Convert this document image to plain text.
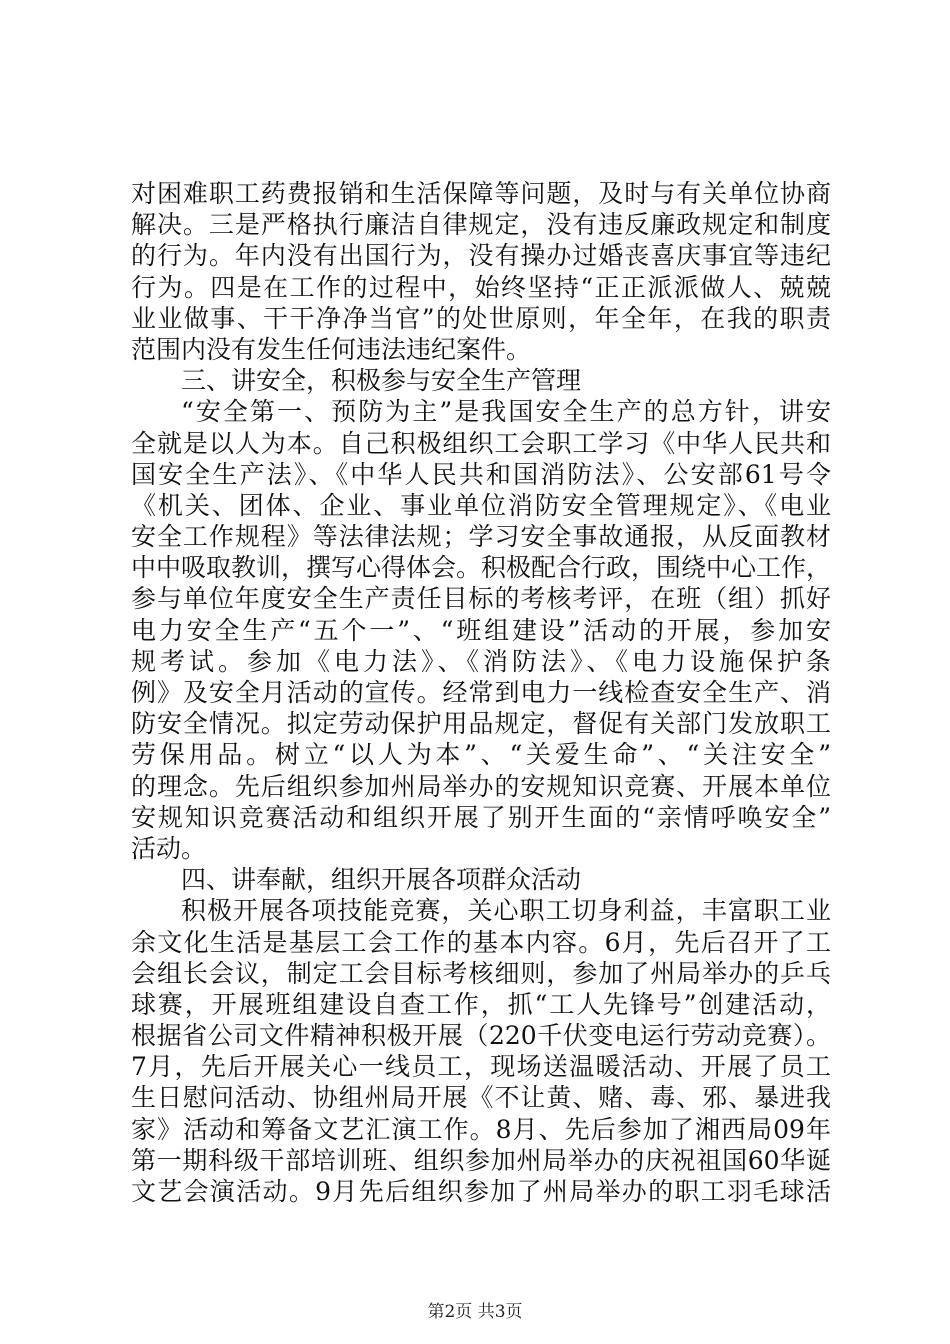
对困难职工药费报销和生活保障等问题，及时与有关单位协商
解决。三是严格执行廉洁自律规定，没有违反廉政规定和制度
的行为。年内没有出国行为，没有操办过婚丧喜庆事宜等违纪
行为。四是在工作的过程中，始终坚持“正正派派做人、兢兢
业业做事、干干净净当官”的处世原则，年全年，在我的职责
范围内没有发生任何违法违纪案件。
三、讲安全，积极参与安全生产管理
“安全第一、预防为主”是我国安全生产的总方针，讲安
全就是以人为本。自己积极组织工会职工学习《中华人民共和
国安全生产法》、《中华人民共和国消防法》、公安部61号令
《机关、团体、企业、事业单位消防安全管理规定》、《电业
安全工作规程》等法律法规；学习安全事故通报，从反面教材
中中吸取教训，撰写心得体会。积极配合行政，围绕中心工作，
参与单位年度安全生产责任目标的考核考评，在班（组）抓好
电力安全生产“五个一”、“班组建设”活动的开展，参加安
规考试。参加《电力法》、《消防法》、《电力设施保护条
例》及安全月活动的宣传。经常到电力一线检查安全生产、消
防安全情况。拟定劳动保护用品规定，督促有关部门发放职工
劳保用品。树立“以人为本”、“关爱生命”、“关注安全”
的理念。先后组织参加州局举办的安规知识竞赛、开展本单位
安规知识竞赛活动和组织开展了别开生面的“亲情呼唤安全”
活动。
四、讲奉献，组织开展各项群众活动
积极开展各项技能竞赛，关心职工切身利益，丰富职工业
余文化生活是基层工会工作的基本内容。6月，先后召开了工
会组长会议，制定工会目标考核细则，参加了州局举办的乒乓
球赛，开展班组建设自查工作，抓“工人先锋号”创建活动，
根据省公司文件精神积极开展（220千伏变电运行劳动竞赛）。
7月，先后开展关心一线员工，现场送温暖活动、开展了员工
生日慰问活动、协组州局开展《不让黄、赌、毒、邪、暴进我
家》活动和筹备文艺汇演工作。8月、先后参加了湘西局09年
第一期科级干部培训班、组织参加州局举办的庆祝祖国60华诞
文艺会演活动。9月先后组织参加了州局举办的职工羽毛球活
第2页 共3页
